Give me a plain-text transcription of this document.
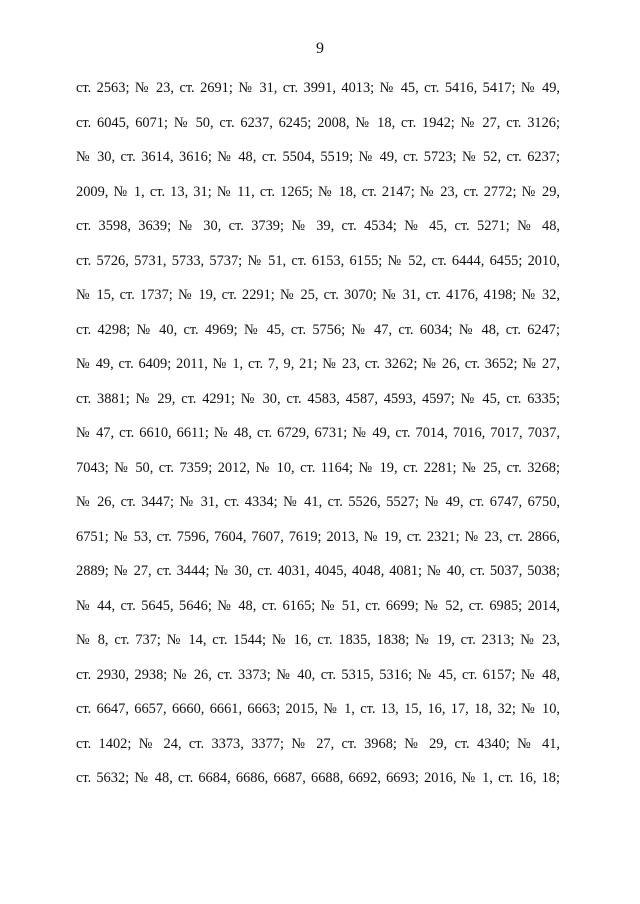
9
ст. 2563; № 23, ст. 2691; № 31, ст. 3991, 4013; № 45, ст. 5416, 5417; № 49,
ст. 6045, 6071; № 50, ст. 6237, 6245; 2008, № 18, ст. 1942; № 27, ст. 3126;
№ 30, ст. 3614, 3616; № 48, ст. 5504, 5519; № 49, ст. 5723; № 52, ст. 6237;
2009, № 1, ст. 13, 31; № 11, ст. 1265; № 18, ст. 2147; № 23, ст. 2772; № 29,
ст. 3598, 3639; № 30, ст. 3739; № 39, ст. 4534; № 45, ст. 5271; № 48,
ст. 5726, 5731, 5733, 5737; № 51, ст. 6153, 6155; № 52, ст. 6444, 6455; 2010,
№ 15, ст. 1737; № 19, ст. 2291; № 25, ст. 3070; № 31, ст. 4176, 4198; № 32,
ст. 4298; № 40, ст. 4969; № 45, ст. 5756; № 47, ст. 6034; № 48, ст. 6247;
№ 49, ст. 6409; 2011, № 1, ст. 7, 9, 21; № 23, ст. 3262; № 26, ст. 3652; № 27,
ст. 3881; № 29, ст. 4291; № 30, ст. 4583, 4587, 4593, 4597; № 45, ст. 6335;
№ 47, ст. 6610, 6611; № 48, ст. 6729, 6731; № 49, ст. 7014, 7016, 7017, 7037,
7043; № 50, ст. 7359; 2012, № 10, ст. 1164; № 19, ст. 2281; № 25, ст. 3268;
№ 26, ст. 3447; № 31, ст. 4334; № 41, ст. 5526, 5527; № 49, ст. 6747, 6750,
6751; № 53, ст. 7596, 7604, 7607, 7619; 2013, № 19, ст. 2321; № 23, ст. 2866,
2889; № 27, ст. 3444; № 30, ст. 4031, 4045, 4048, 4081; № 40, ст. 5037, 5038;
№ 44, ст. 5645, 5646; № 48, ст. 6165; № 51, ст. 6699; № 52, ст. 6985; 2014,
№ 8, ст. 737; № 14, ст. 1544; № 16, ст. 1835, 1838; № 19, ст. 2313; № 23,
ст. 2930, 2938; № 26, ст. 3373; № 40, ст. 5315, 5316; № 45, ст. 6157; № 48,
ст. 6647, 6657, 6660, 6661, 6663; 2015, № 1, ст. 13, 15, 16, 17, 18, 32; № 10,
ст. 1402; № 24, ст. 3373, 3377; № 27, ст. 3968; № 29, ст. 4340; № 41,
ст. 5632; № 48, ст. 6684, 6686, 6687, 6688, 6692, 6693; 2016, № 1, ст. 16, 18;
